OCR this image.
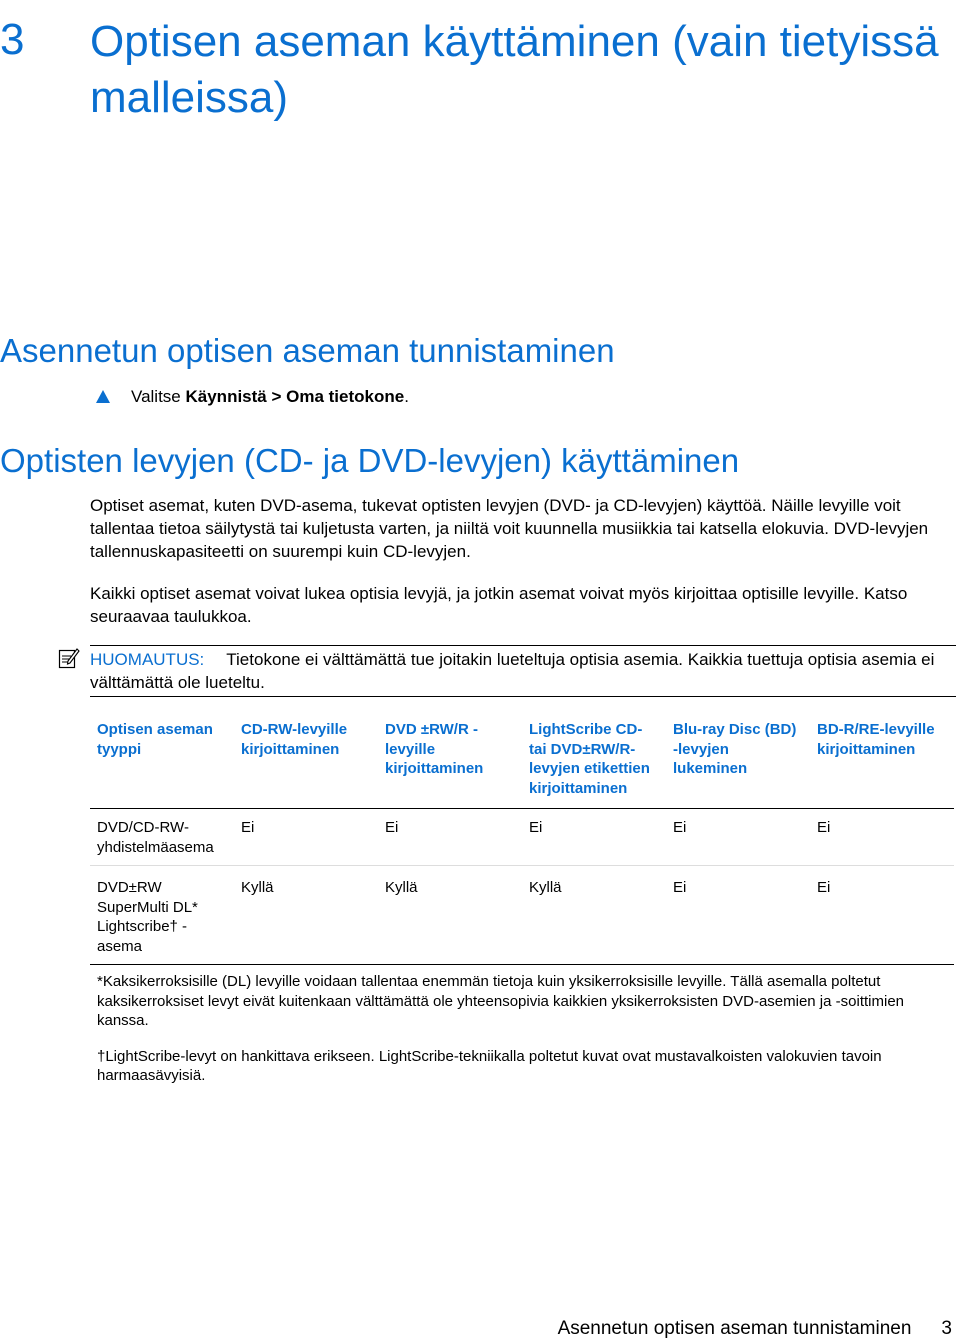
3 Optisen aseman käyttäminen (vain tietyissä malleissa)
Asennetun optisen aseman tunnistaminen
Valitse Käynnistä > Oma tietokone.
Optisten levyjen (CD- ja DVD-levyjen) käyttäminen

Optiset asemat, kuten DVD-asema, tukevat optisten levyjen (DVD- ja CD-levyjen) käyttöä. Näille levyille voit tallentaa tietoa säilytystä tai kuljetusta varten, ja niiltä voit kuunnella musiikkia tai katsella elokuvia. DVD-levyjen tallennuskapasiteetti on suurempi kuin CD-levyjen.

Kaikki optiset asemat voivat lukea optisia levyjä, ja jotkin asemat voivat myös kirjoittaa optisille levyille. Katso seuraavaa taulukkoa.

HUOMAUTUS: Tietokone ei välttämättä tue joitakin lueteltuja optisia asemia. Kaikkia tuettuja optisia asemia ei välttämättä ole lueteltu.
Optisen aseman tyyppi	CD-RW-levyille kirjoittaminen	DVD ±RW/R - levyille kirjoittaminen	LightScribe CD- tai DVD±RW/R- levyjen etikettien kirjoittaminen	Blu-ray Disc (BD) -levyjen lukeminen	BD-R/RE-levyille kirjoittaminen
DVD/CD-RW- yhdistelmäasema	Ei	Ei	Ei	Ei	Ei
DVD±RW SuperMulti DL* Lightscribe† - asema	Kyllä	Kyllä	Kyllä	Ei	Ei

*Kaksikerroksisille (DL) levyille voidaan tallentaa enemmän tietoja kuin yksikerroksisille levyille. Tällä asemalla poltetut kaksikerroksiset levyt eivät kuitenkaan välttämättä ole yhteensopivia kaikkien yksikerroksisten DVD-asemien ja -soittimien kanssa.

†LightScribe-levyt on hankittava erikseen. LightScribe-tekniikalla poltetut kuvat ovat mustavalkoisten valokuvien tavoin harmaasävyisiä.					

Asennetun optisen aseman tunnistaminen 3
